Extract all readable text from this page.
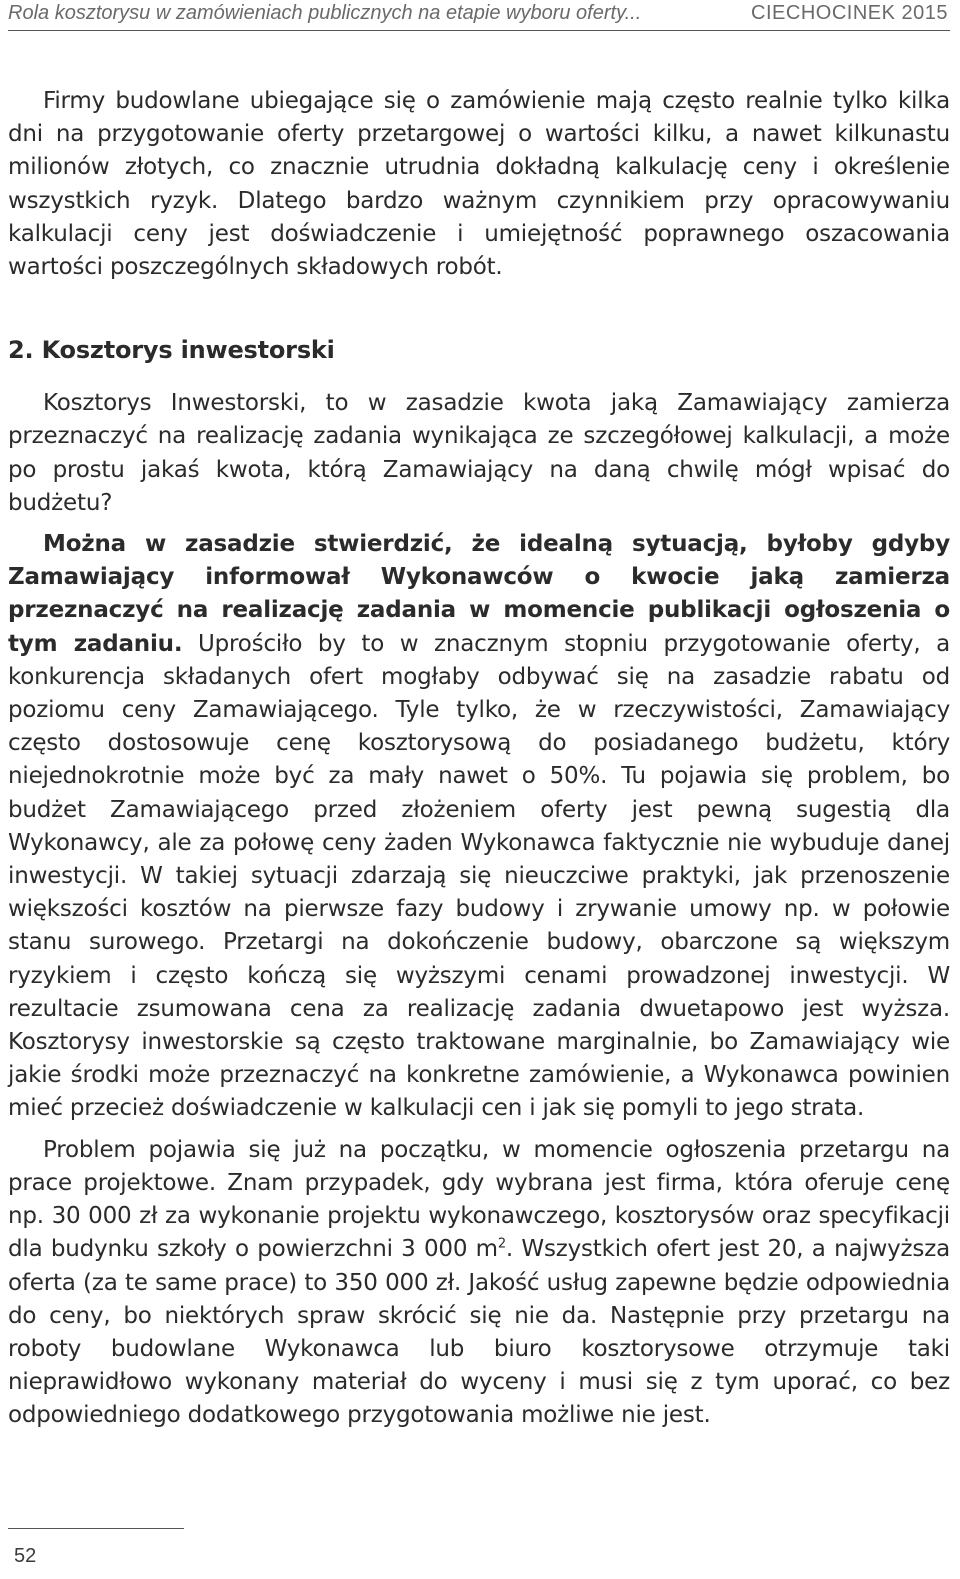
Rola kosztorysu w zamówieniach publicznych na etapie wyboru oferty...	CIECHOCINEK 2015

Firmy budowlane ubiegające się o zamówienie mają często realnie tylko kilka dni na przygotowanie oferty przetargowej o wartości kilku, a nawet kilkunastu milionów złotych, co znacznie utrudnia dokładną kalkulację ceny i określenie wszystkich ryzyk. Dlatego bardzo ważnym czynnikiem przy opracowywaniu kalkulacji ceny jest doświadczenie i umiejętność poprawnego oszacowania wartości poszczególnych składowych robót.

2. Kosztorys inwestorski

Kosztorys Inwestorski, to w zasadzie kwota jaką Zamawiający zamierza przeznaczyć na realizację zadania wynikająca ze szczegółowej kalkulacji, a może po prostu jakaś kwota, którą Zamawiający na daną chwilę mógł wpisać do budżetu?

Można w zasadzie stwierdzić, że idealną sytuacją, byłoby gdyby Zamawiający informował Wykonawców o kwocie jaką zamierza przeznaczyć na realizację zadania w momencie publikacji ogłoszenia o tym zadaniu. Uprościło by to w znacznym stopniu przygotowanie oferty, a konkurencja składanych ofert mogłaby odbywać się na zasadzie rabatu od poziomu ceny Zamawiającego. Tyle tylko, że w rzeczywistości, Zamawiający często dostosowuje cenę kosztorysową do posiadanego budżetu, który niejednokrotnie może być za mały nawet o 50%. Tu pojawia się problem, bo budżet Zamawiającego przed złożeniem oferty jest pewną sugestią dla Wykonawcy, ale za połowę ceny żaden Wykonawca faktycznie nie wybuduje danej inwestycji. W takiej sytuacji zdarzają się nieuczciwe praktyki, jak przenoszenie większości kosztów na pierwsze fazy budowy i zrywanie umowy np. w połowie stanu surowego. Przetargi na dokończenie budowy, obarczone są większym ryzykiem i często kończą się wyższymi cenami prowadzonej inwestycji. W rezultacie zsumowana cena za realizację zadania dwuetapowo jest wyższa. Kosztorysy inwestorskie są często traktowane marginalnie, bo Zamawiający wie jakie środki może przeznaczyć na konkretne zamówienie, a Wykonawca powinien mieć przecież doświadczenie w kalkulacji cen i jak się pomyli to jego strata.

Problem pojawia się już na początku, w momencie ogłoszenia przetargu na prace projektowe. Znam przypadek, gdy wybrana jest firma, która oferuje cenę np. 30 000 zł za wykonanie projektu wykonawczego, kosztorysów oraz specyfikacji dla budynku szkoły o powierzchni 3 000 $m^2$. Wszystkich ofert jest 20, a najwyższa oferta (za te same prace) to 350 000 zł. Jakość usług zapewne będzie odpowiednia do ceny, bo niektórych spraw skrócić się nie da. Następnie przy przetargu na roboty budowlane Wykonawca lub biuro kosztorysowe otrzymuje taki nieprawidłowo wykonany materiał do wyceny i musi się z tym uporać, co bez odpowiedniego dodatkowego przygotowania możliwe nie jest.

52
